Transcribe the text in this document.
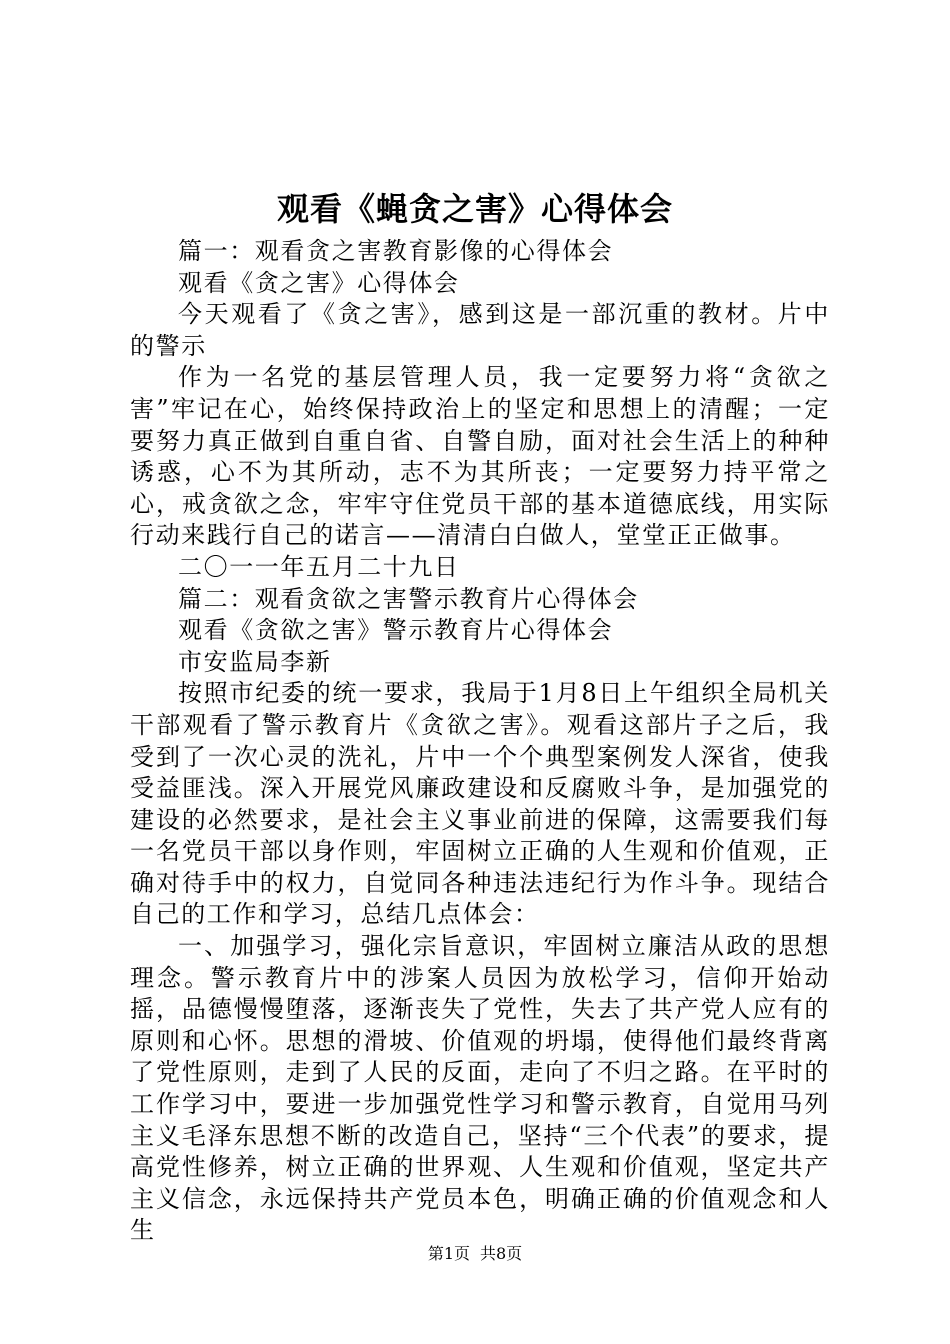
观看《蝇贪之害》心得体会

篇一：观看贪之害教育影像的心得体会

观看《贪之害》心得体会

今天观看了《贪之害》，感到这是一部沉重的教材。片中的警示

作为一名党的基层管理人员，我一定要努力将“贪欲之害”牢记在心，始终保持政治上的坚定和思想上的清醒；一定要努力真正做到自重自省、自警自励，面对社会生活上的种种诱惑，心不为其所动，志不为其所丧；一定要努力持平常之心，戒贪欲之念，牢牢守住党员干部的基本道德底线，用实际行动来践行自己的诺言——清清白白做人，堂堂正正做事。

二〇一一年五月二十九日

篇二：观看贪欲之害警示教育片心得体会

观看《贪欲之害》警示教育片心得体会

市安监局李新

按照市纪委的统一要求，我局于1月8日上午组织全局机关干部观看了警示教育片《贪欲之害》。观看这部片子之后，我受到了一次心灵的洗礼，片中一个个典型案例发人深省，使我受益匪浅。深入开展党风廉政建设和反腐败斗争，是加强党的建设的必然要求，是社会主义事业前进的保障，这需要我们每一名党员干部以身作则，牢固树立正确的人生观和价值观，正确对待手中的权力，自觉同各种违法违纪行为作斗争。现结合自己的工作和学习，总结几点体会：

一、加强学习，强化宗旨意识，牢固树立廉洁从政的思想理念。警示教育片中的涉案人员因为放松学习，信仰开始动摇，品德慢慢堕落，逐渐丧失了党性，失去了共产党人应有的原则和心怀。思想的滑坡、价值观的坍塌，使得他们最终背离了党性原则，走到了人民的反面，走向了不归之路。在平时的工作学习中，要进一步加强党性学习和警示教育，自觉用马列主义毛泽东思想不断的改造自己，坚持“三个代表”的要求，提高党性修养，树立正确的世界观、人生观和价值观，坚定共产主义信念，永远保持共产党员本色，明确正确的价值观念和人生

第1页 共8页
